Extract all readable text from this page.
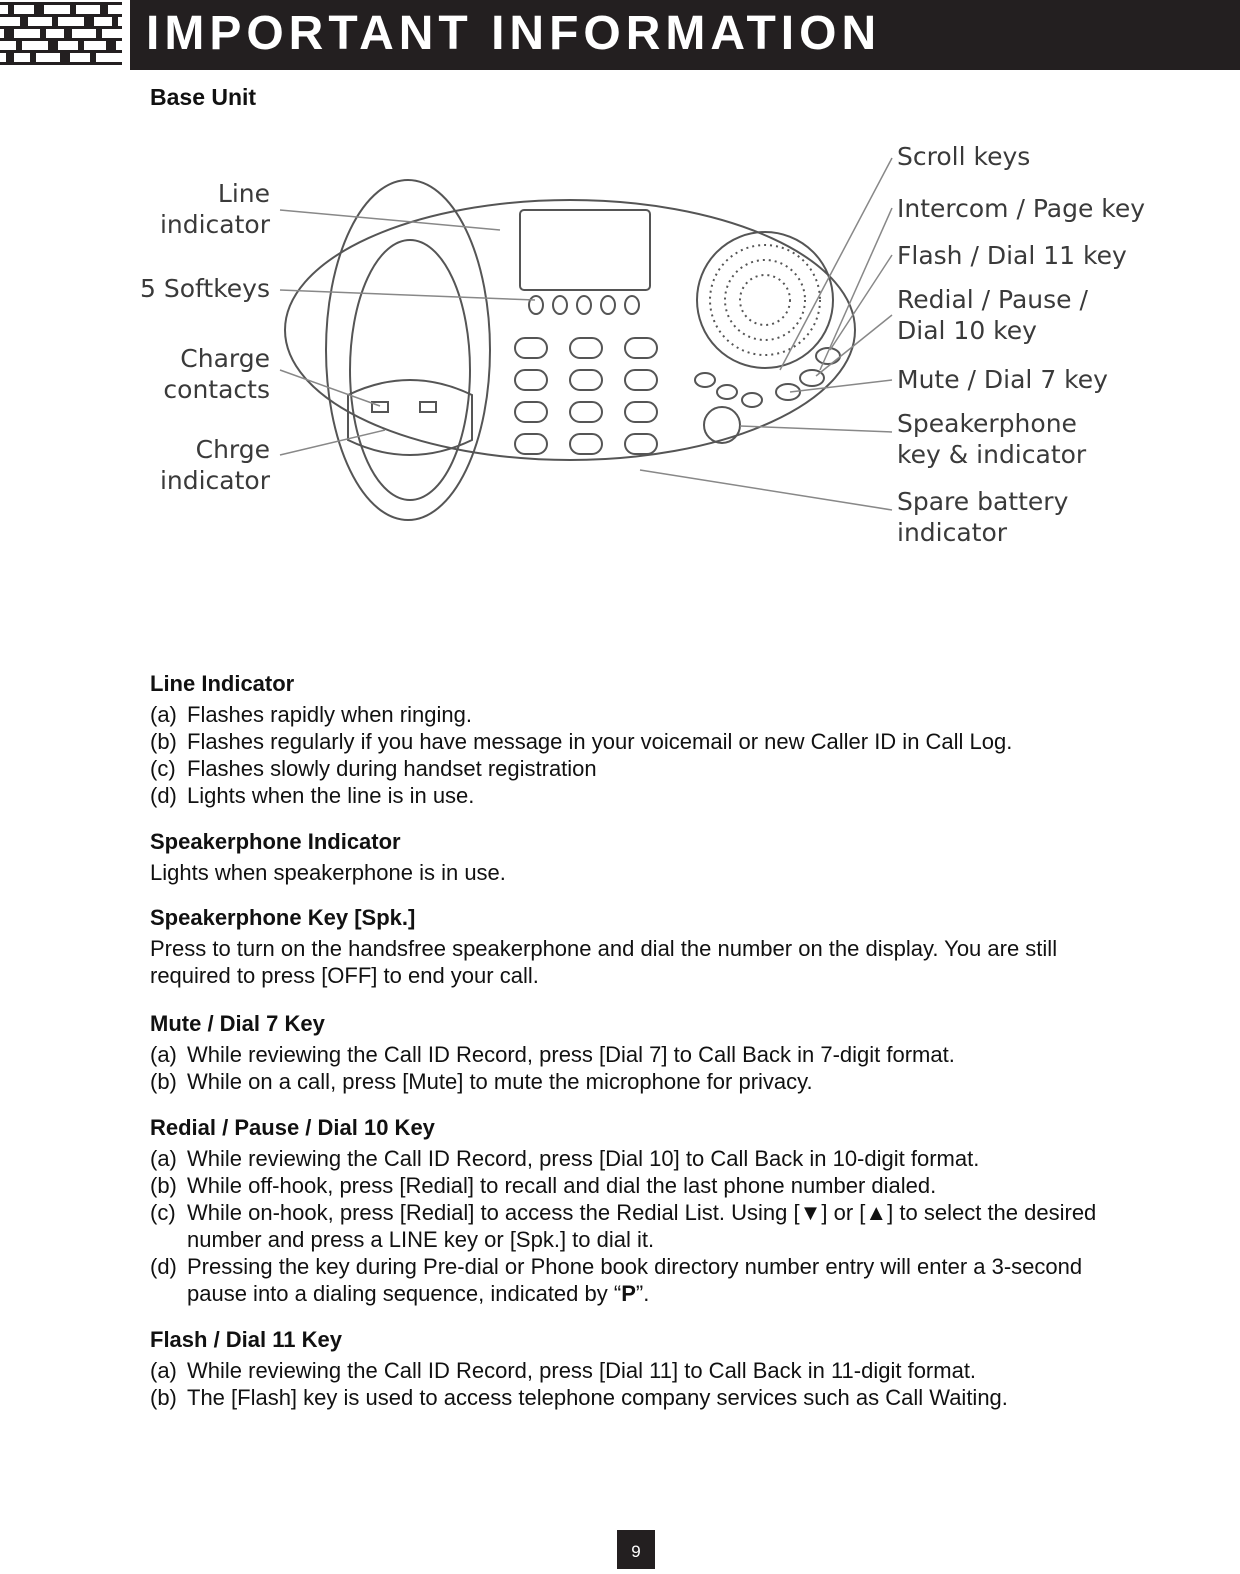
IMPORTANT INFORMATION
Base Unit
Line
indicator
5 Softkeys
Charge
contacts
Chrge
indicator
Scroll keys
Intercom / Page key
Flash / Dial 11 key
Redial / Pause /
Dial 10 key
Mute / Dial 7 key
Speakerphone
key & indicator
Spare battery
indicator
Line Indicator
(a) Flashes rapidly when ringing.
(b) Flashes regularly if you have message in your voicemail or new Caller ID in Call Log.
(c) Flashes slowly during handset registration
(d) Lights when the line is in use.
Speakerphone Indicator

Lights when speakerphone is in use.

Speakerphone Key [Spk.]

Press to turn on the handsfree speakerphone and dial the number on the display. You are still required to press [OFF] to end your call.

Mute / Dial 7 Key
(a) While reviewing the Call ID Record, press [Dial 7] to Call Back in 7-digit format.
(b) While on a call, press [Mute] to mute the microphone for privacy.
Redial / Pause / Dial 10 Key
(a) While reviewing the Call ID Record, press [Dial 10] to Call Back in 10-digit format.
(b) While off-hook, press [Redial] to recall and dial the last phone number dialed.
(c) While on-hook, press [Redial] to access the Redial List. Using [▼] or [▲] to select the desired number and press a LINE key or [Spk.] to dial it.
(d) Pressing the key during Pre-dial or Phone book directory number entry will enter a 3-second pause into a dialing sequence, indicated by “P”.
Flash / Dial 11 Key
(a) While reviewing the Call ID Record, press [Dial 11] to Call Back in 11-digit format.
(b) The [Flash] key is used to access telephone company services such as Call Waiting.
9
